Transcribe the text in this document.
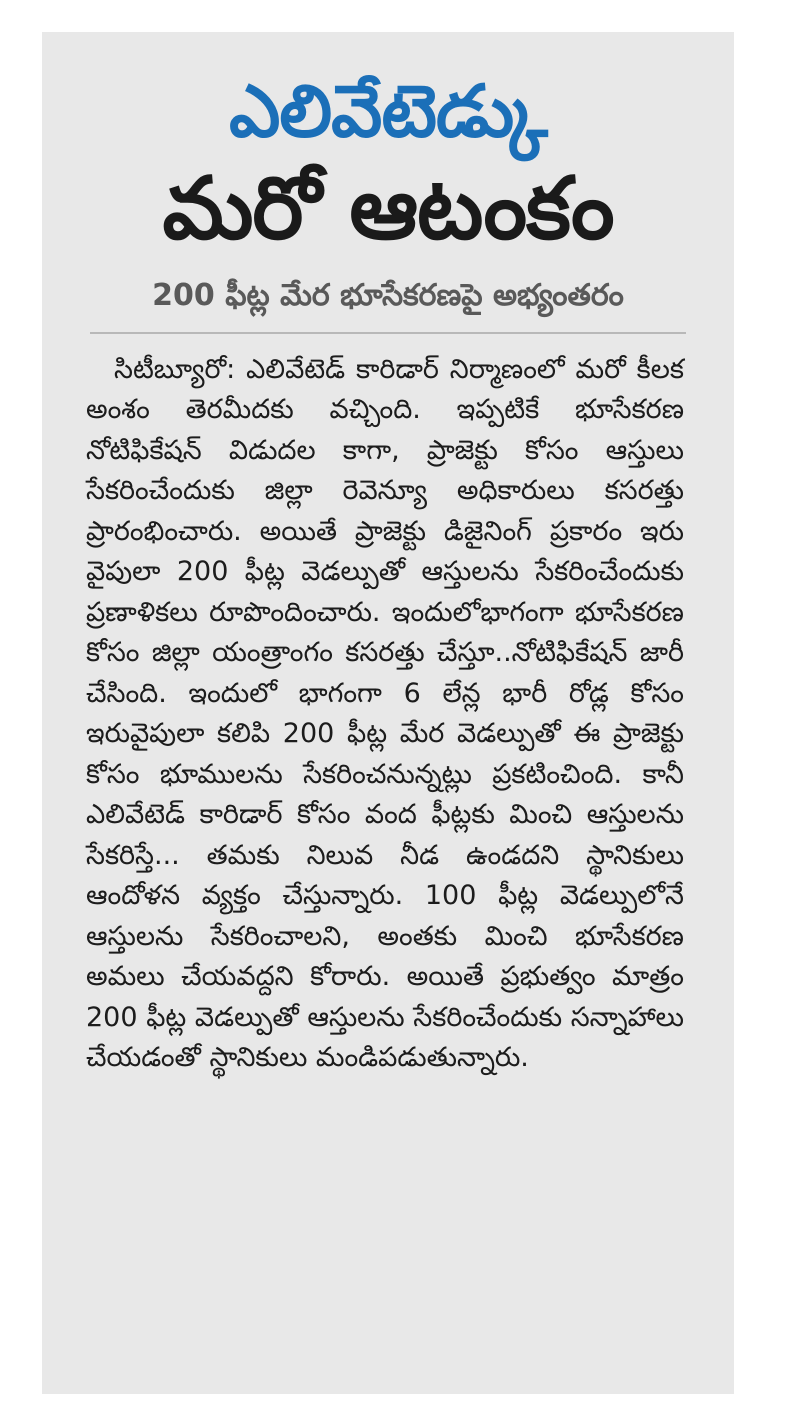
ఎలివేటెడ్
మరో ఆటంకం
200 ఫీట్ల మేర భూసేకరణపై అభ్యంతరం
సిటీబ్యూరో: ఎలివేటెడ్ కారిడార్ నిర్మాణంలో మరో కీలక అంశం తెరమీదకు వచ్చింది. ఇప్పటికే భూసేకరణ నోటిఫికేషన్ విడుదల కాగా, ప్రాజెక్టు కోసం ఆస్తులు సేకరించేందుకు జిల్లా రెవెన్యూ అధికారులు కసరత్తు ప్రారంభించారు. అయితే ప్రాజెక్టు డిజైనింగ్ ప్రకారం ఇరు వైపులా 200 ఫీట్ల వెడల్పుతో ఆస్తులను సేకరించేందుకు ప్రణాళికలు రూపొందించారు. ఇందులోభాగంగా భూసేకరణ కోసం జిల్లా యంత్రాంగం కసరత్తు చేస్తూ..నోటిఫికేషన్ జారీ చేసింది. ఇందులో భాగంగా 6 లేన్ల భారీ రోడ్ల కోసం ఇరువైపులా కలిపి 200 ఫీట్ల మేర వెడల్పుతో ఈ ప్రాజెక్టు కోసం భూములను సేకరించనున్నట్లు ప్రకటించింది. కానీ ఎలివేటెడ్ కారిడార్ కోసం వంద ఫీట్లకు మించి ఆస్తులను సేకరిస్తే... తమకు నిలువ నీడ ఉండదని స్థానికులు ఆందోళన వ్యక్తం చేస్తున్నారు. 100 ఫీట్ల వెడల్పులోనే ఆస్తులను సేకరించాలని, అంతకు మించి భూసేకరణ అమలు చేయవద్దని కోరారు. అయితే ప్రభుత్వం మాత్రం 200 ఫీట్ల వెడల్పుతో ఆస్తులను సేకరించేందుకు సన్నాహాలు చేయడంతో స్థానికులు మండిపడుతున్నారు.
